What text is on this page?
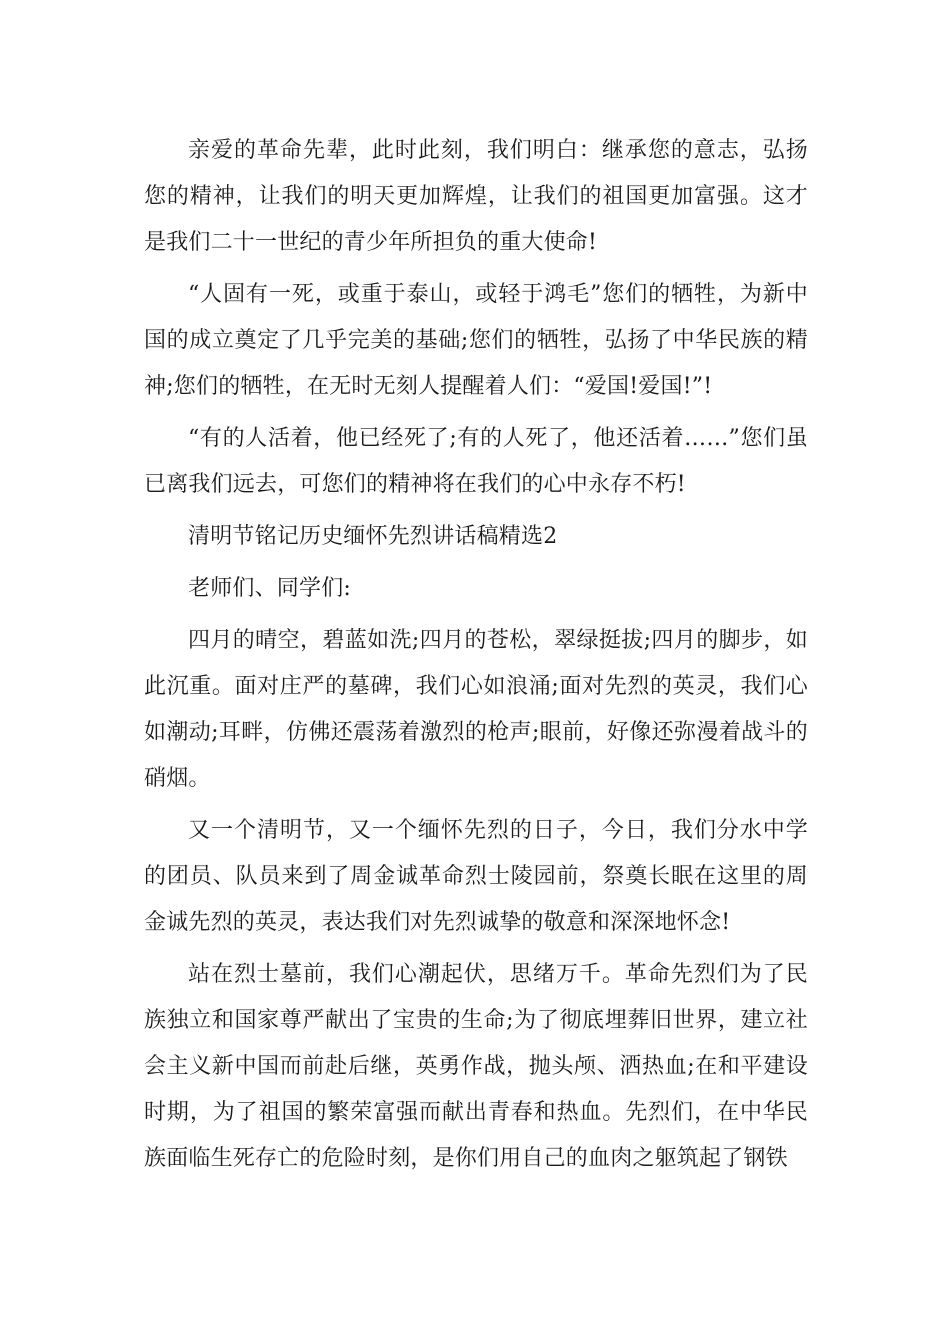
亲爱的革命先辈，此时此刻，我们明白：继承您的意志，弘扬您的精神，让我们的明天更加辉煌，让我们的祖国更加富强。这才是我们二十一世纪的青少年所担负的重大使命!

“人固有一死，或重于泰山，或轻于鸿毛”您们的牺牲，为新中国的成立奠定了几乎完美的基础;您们的牺牲，弘扬了中华民族的精神;您们的牺牲，在无时无刻人提醒着人们：“爱国!爱国!”!

“有的人活着，他已经死了;有的人死了，他还活着……”您们虽已离我们远去，可您们的精神将在我们的心中永存不朽!

清明节铭记历史缅怀先烈讲话稿精选2

老师们、同学们:

四月的晴空，碧蓝如洗;四月的苍松，翠绿挺拔;四月的脚步，如此沉重。面对庄严的墓碑，我们心如浪涌;面对先烈的英灵，我们心如潮动;耳畔，仿佛还震荡着激烈的枪声;眼前，好像还弥漫着战斗的硝烟。

又一个清明节，又一个缅怀先烈的日子，今日，我们分水中学的团员、队员来到了周金诚革命烈士陵园前，祭奠长眠在这里的周金诚先烈的英灵，表达我们对先烈诚挚的敬意和深深地怀念!

站在烈士墓前，我们心潮起伏，思绪万千。革命先烈们为了民族独立和国家尊严献出了宝贵的生命;为了彻底埋葬旧世界，建立社会主义新中国而前赴后继，英勇作战，抛头颅、洒热血;在和平建设时期，为了祖国的繁荣富强而献出青春和热血。先烈们，在中华民族面临生死存亡的危险时刻，是你们用自己的血肉之躯筑起了钢铁
